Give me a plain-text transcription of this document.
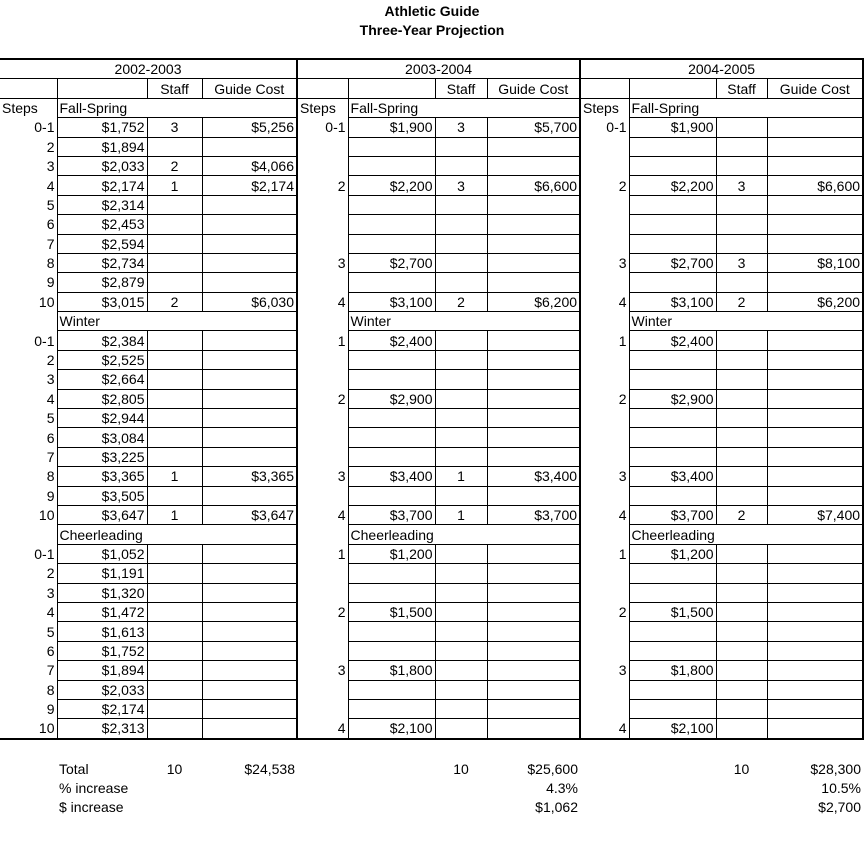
Athletic Guide
Three-Year Projection
2002-2003				2003-2004				2004-2005			
		Staff	Guide Cost			Staff	Guide Cost			Staff	Guide Cost
Steps	Fall-Spring			Steps	Fall-Spring			Steps	Fall-Spring		
0-1	$1,752	3	$5,256	0-1	$1,900	3	$5,700	0-1	$1,900		
2	$1,894										
3	$2,033	2	$4,066								
4	$2,174	1	$2,174	2	$2,200	3	$6,600	2	$2,200	3	$6,600
5	$2,314										
6	$2,453										
7	$2,594										
8	$2,734			3	$2,700			3	$2,700	3	$8,100
9	$2,879										
10	$3,015	2	$6,030	4	$3,100	2	$6,200	4	$3,100	2	$6,200
	Winter				Winter				Winter		
0-1	$2,384			1	$2,400			1	$2,400		
2	$2,525										
3	$2,664										
4	$2,805			2	$2,900			2	$2,900		
5	$2,944										
6	$3,084										
7	$3,225										
8	$3,365	1	$3,365	3	$3,400	1	$3,400	3	$3,400		
9	$3,505										
10	$3,647	1	$3,647	4	$3,700	1	$3,700	4	$3,700	2	$7,400
	Cheerleading				Cheerleading				Cheerleading		
0-1	$1,052			1	$1,200			1	$1,200		
2	$1,191										
3	$1,320										
4	$1,472			2	$1,500			2	$1,500		
5	$1,613										
6	$1,752										
7	$1,894			3	$1,800			3	$1,800		
8	$2,033										
9	$2,174										
10	$2,313			4	$2,100			4	$2,100		
	Total	10	$24,538			10	$25,600			10	$28,300
	% increase						4.3%				10.5%
	$ increase						$1,062				$2,700
